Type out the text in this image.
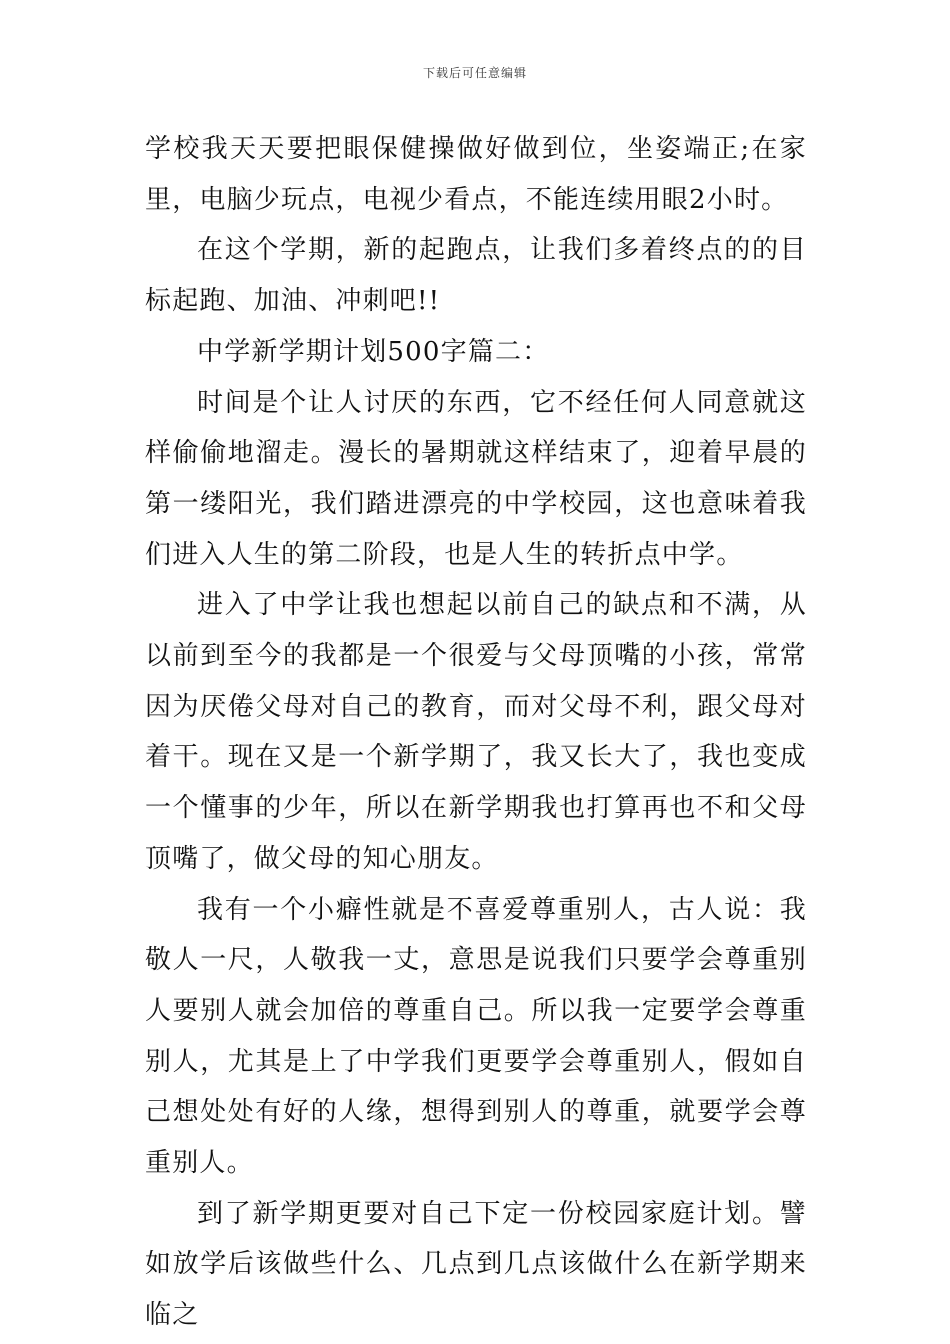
下载后可任意编辑

学校我天天要把眼保健操做好做到位，坐姿端正;在家里，电脑少玩点，电视少看点，不能连续用眼2小时。

在这个学期，新的起跑点，让我们多着终点的的目标起跑、加油、冲刺吧!!

中学新学期计划500字篇二：

时间是个让人讨厌的东西，它不经任何人同意就这样偷偷地溜走。漫长的暑期就这样结束了，迎着早晨的第一缕阳光，我们踏进漂亮的中学校园，这也意味着我们进入人生的第二阶段，也是人生的转折点中学。

进入了中学让我也想起以前自己的缺点和不满，从以前到至今的我都是一个很爱与父母顶嘴的小孩，常常因为厌倦父母对自己的教育，而对父母不利，跟父母对着干。现在又是一个新学期了，我又长大了，我也变成一个懂事的少年，所以在新学期我也打算再也不和父母顶嘴了，做父母的知心朋友。

我有一个小癖性就是不喜爱尊重别人，古人说：我敬人一尺，人敬我一丈，意思是说我们只要学会尊重别人要别人就会加倍的尊重自己。所以我一定要学会尊重别人，尤其是上了中学我们更要学会尊重别人，假如自己想处处有好的人缘，想得到别人的尊重，就要学会尊重别人。

到了新学期更要对自己下定一份校园家庭计划。譬如放学后该做些什么、几点到几点该做什么在新学期来临之
